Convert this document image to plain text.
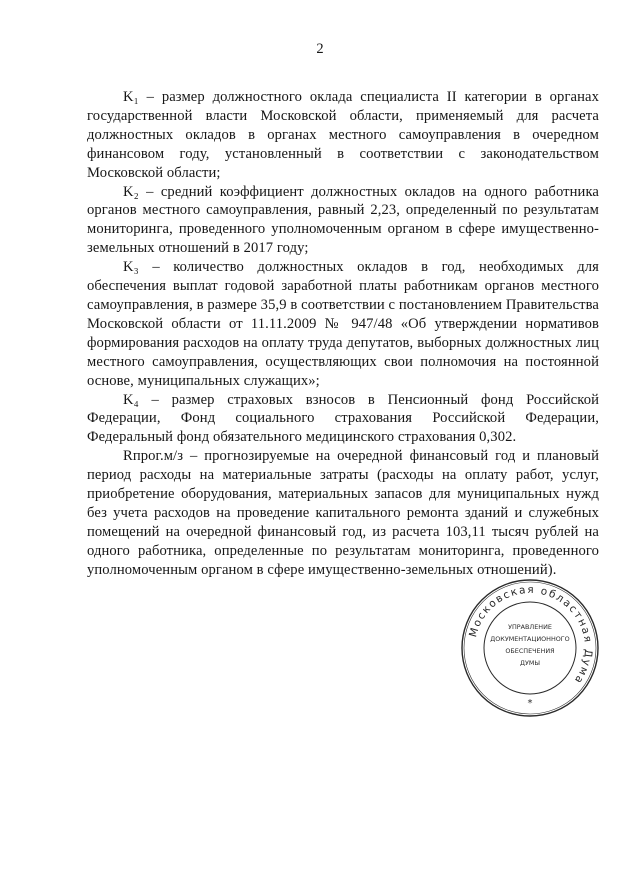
2

K₁ – размер должностного оклада специалиста II категории в органах государственной власти Московской области, применяемый для расчета должностных окладов в органах местного самоуправления в очередном финансовом году, установленный в соответствии с законодательством Московской области;

K₂ – средний коэффициент должностных окладов на одного работника органов местного самоуправления, равный 2,23, определенный по результатам мониторинга, проведенного уполномоченным органом в сфере имущественно-земельных отношений в 2017 году;

K₃ – количество должностных окладов в год, необходимых для обеспечения выплат годовой заработной платы работникам органов местного самоуправления, в размере 35,9 в соответствии с постановлением Правительства Московской области от 11.11.2009 № 947/48 «Об утверждении нормативов формирования расходов на оплату труда депутатов, выборных должностных лиц местного самоуправления, осуществляющих свои полномочия на постоянной основе, муниципальных служащих»;

K₄ – размер страховых взносов в Пенсионный фонд Российской Федерации, Фонд социального страхования Российской Федерации, Федеральный фонд обязательного медицинского страхования 0,302.

Rпрог.м/з – прогнозируемые на очередной финансовый год и плановый период расходы на материальные затраты (расходы на оплату работ, услуг, приобретение оборудования, материальных запасов для муниципальных нужд без учета расходов на проведение капитального ремонта зданий и служебных помещений на очередной финансовый год, из расчета 103,11 тысяч рублей на одного работника, определенные по результатам мониторинга, проведенного уполномоченным органом в сфере имущественно-земельных отношений).

Московская областная Дума
УПРАВЛЕНИЕ
ДОКУМЕНТАЦИОННОГО
ОБЕСПЕЧЕНИЯ
ДУМЫ
*
